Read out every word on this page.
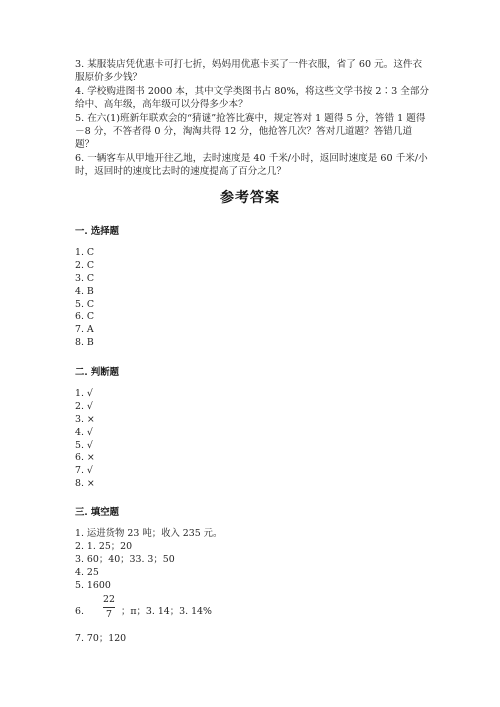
3. 某服装店凭优惠卡可打七折，妈妈用优惠卡买了一件衣服，省了 60 元。这件衣服原价多少钱？

4. 学校购进图书 2000 本，其中文学类图书占 80%，将这些文学书按 2∶3 全部分给中、高年级，高年级可以分得多少本？

5. 在六(1)班新年联欢会的“猜谜”抢答比赛中，规定答对 1 题得 5 分，答错 1 题得－8 分，不答者得 0 分，淘淘共得 12 分，他抢答几次？答对几道题？答错几道题？

6. 一辆客车从甲地开往乙地，去时速度是 40 千米/小时，返回时速度是 60 千米/小时，返回时的速度比去时的速度提高了百分之几？

参考答案
一. 选择题
1. C
2. C
3. C
4. B
5. C
6. C
7. A
8. B
二. 判断题
1. √
2. √
3. ×
4. √
5. √
6. ×
7. √
8. ×
三. 填空题
1. 运进货物 23 吨；收入 235 元。
2. 1. 25；20
3. 60；40；33. 3；50
4. 25
5. 1600
6.
22
7 ；π；3. 14；3. 14%
7. 70；120
